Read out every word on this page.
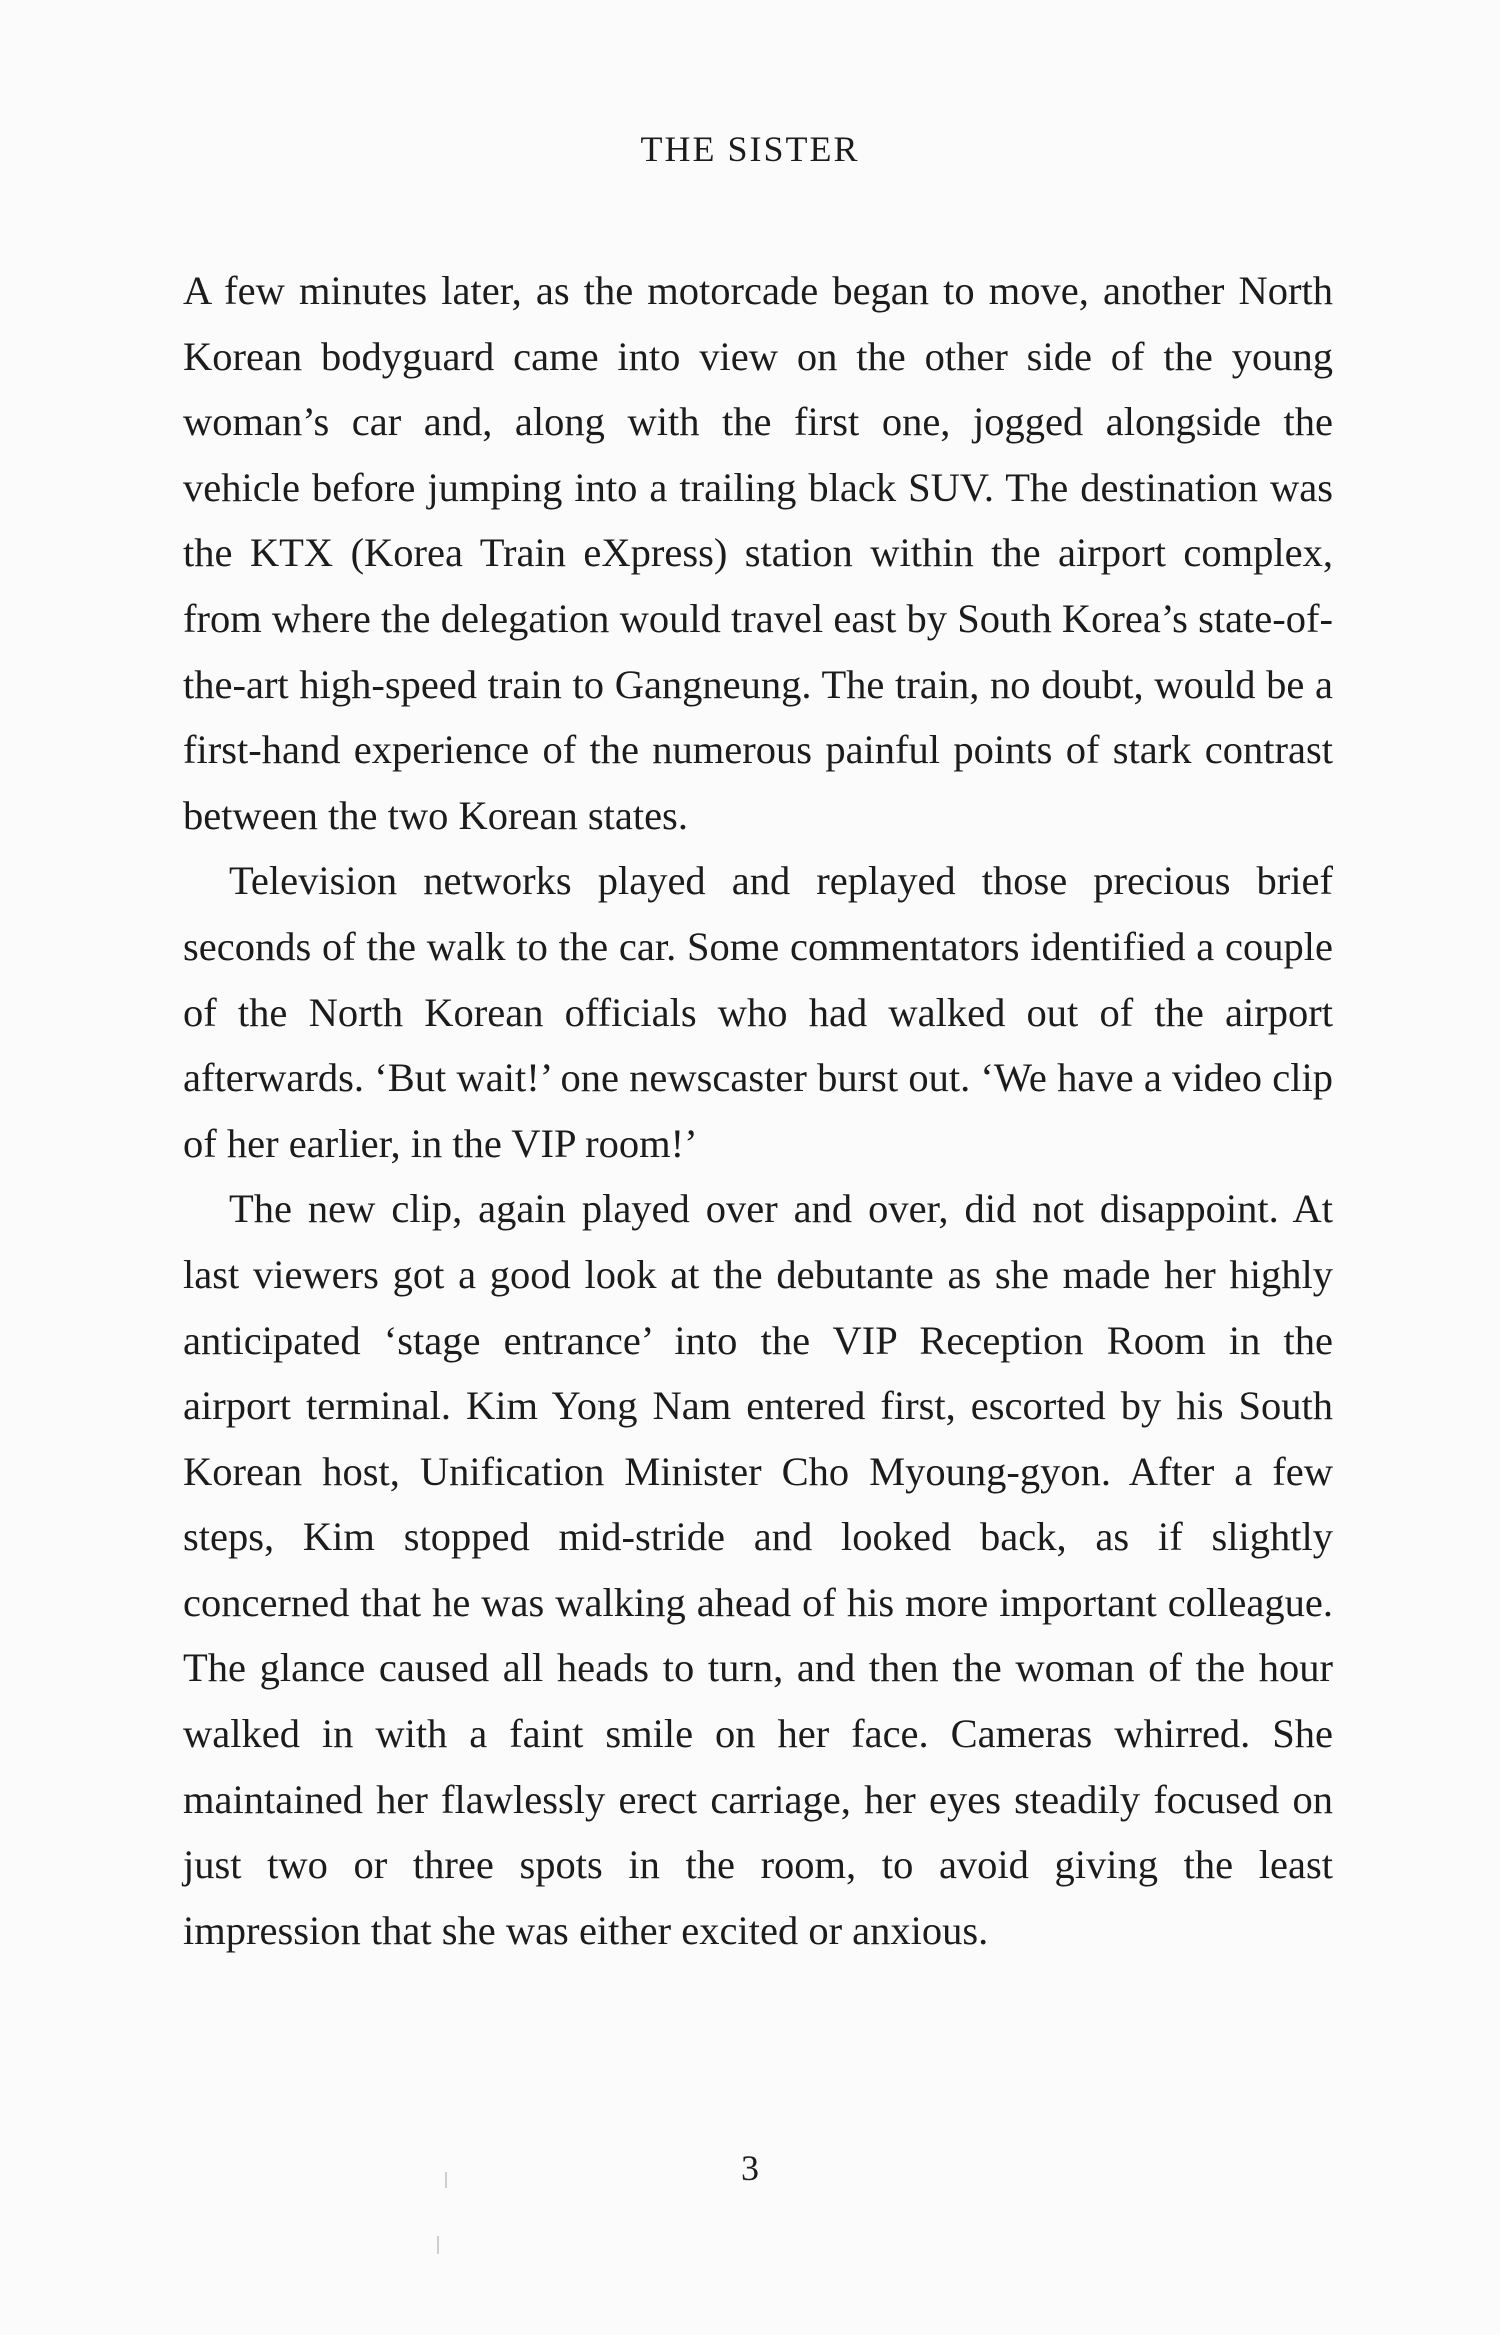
THE SISTER

A few minutes later, as the motorcade began to move, another North Korean bodyguard came into view on the other side of the young woman’s car and, along with the first one, jogged alongside the vehicle before jumping into a trailing black SUV. The destination was the KTX (Korea Train eXpress) station within the airport complex, from where the delegation would travel east by South Korea’s state-of-the-art high-speed train to Gangneung. The train, no doubt, would be a first-hand experience of the numerous painful points of stark contrast between the two Korean states.

Television networks played and replayed those precious brief seconds of the walk to the car. Some commentators identified a couple of the North Korean officials who had walked out of the airport afterwards. ‘But wait!’ one newscaster burst out. ‘We have a video clip of her earlier, in the VIP room!’

The new clip, again played over and over, did not disappoint. At last viewers got a good look at the debutante as she made her highly anticipated ‘stage entrance’ into the VIP Reception Room in the airport terminal. Kim Yong Nam entered first, escorted by his South Korean host, Unification Minister Cho Myoung-gyon. After a few steps, Kim stopped mid-stride and looked back, as if slightly concerned that he was walking ahead of his more important colleague. The glance caused all heads to turn, and then the woman of the hour walked in with a faint smile on her face. Cameras whirred. She maintained her flawlessly erect carriage, her eyes steadily focused on just two or three spots in the room, to avoid giving the least impression that she was either excited or anxious.

3
